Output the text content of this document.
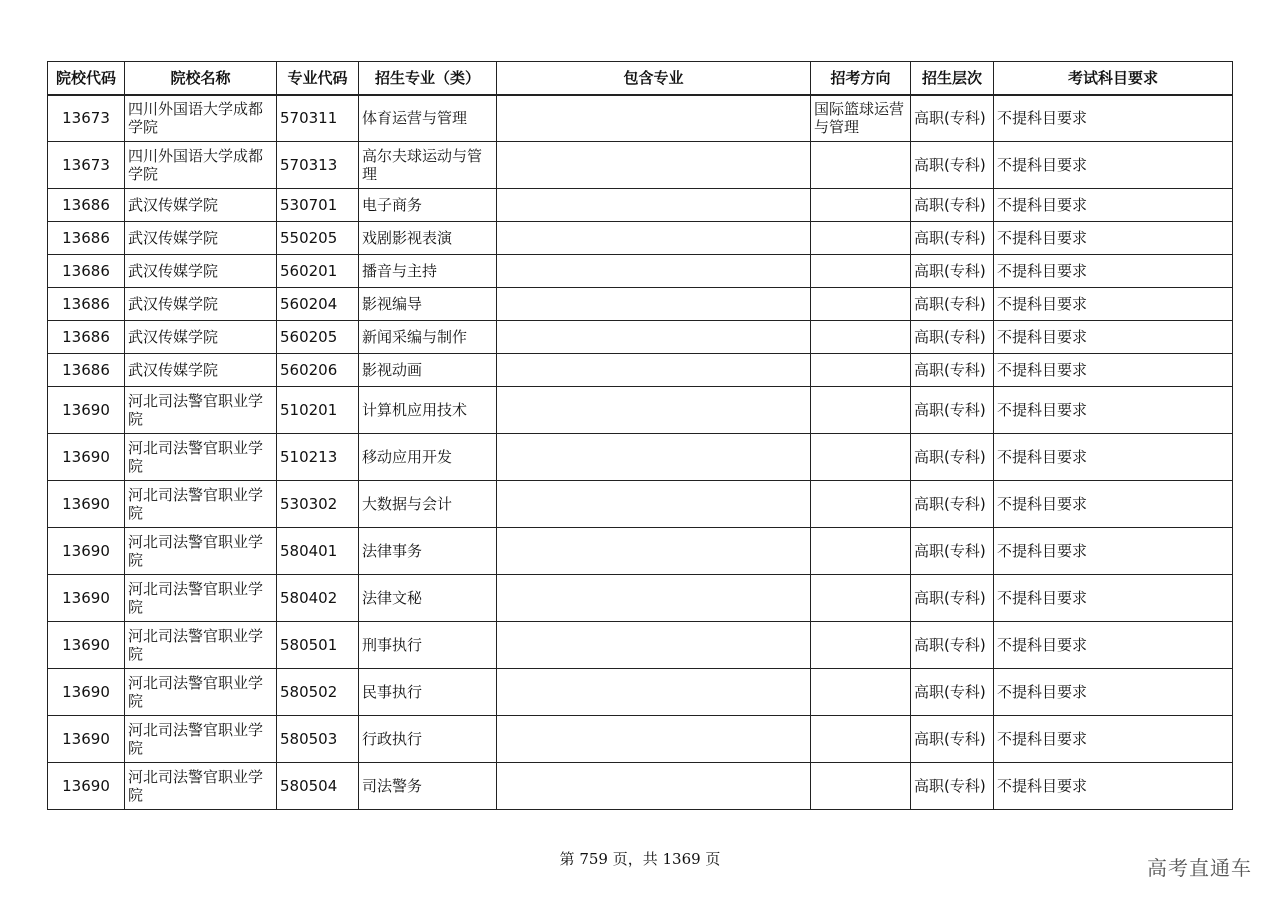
院校代码	院校名称	专业代码	招生专业（类）	包含专业	招考方向	招生层次	考试科目要求
13673	四川外国语大学成都学院	570311	体育运营与管理		国际篮球运营与管理	高职(专科)	不提科目要求
13673	四川外国语大学成都学院	570313	高尔夫球运动与管理			高职(专科)	不提科目要求
13686	武汉传媒学院	530701	电子商务			高职(专科)	不提科目要求
13686	武汉传媒学院	550205	戏剧影视表演			高职(专科)	不提科目要求
13686	武汉传媒学院	560201	播音与主持			高职(专科)	不提科目要求
13686	武汉传媒学院	560204	影视编导			高职(专科)	不提科目要求
13686	武汉传媒学院	560205	新闻采编与制作			高职(专科)	不提科目要求
13686	武汉传媒学院	560206	影视动画			高职(专科)	不提科目要求
13690	河北司法警官职业学院	510201	计算机应用技术			高职(专科)	不提科目要求
13690	河北司法警官职业学院	510213	移动应用开发			高职(专科)	不提科目要求
13690	河北司法警官职业学院	530302	大数据与会计			高职(专科)	不提科目要求
13690	河北司法警官职业学院	580401	法律事务			高职(专科)	不提科目要求
13690	河北司法警官职业学院	580402	法律文秘			高职(专科)	不提科目要求
13690	河北司法警官职业学院	580501	刑事执行			高职(专科)	不提科目要求
13690	河北司法警官职业学院	580502	民事执行			高职(专科)	不提科目要求
13690	河北司法警官职业学院	580503	行政执行			高职(专科)	不提科目要求
13690	河北司法警官职业学院	580504	司法警务			高职(专科)	不提科目要求
第 759 页，共 1369 页	高考直通车
